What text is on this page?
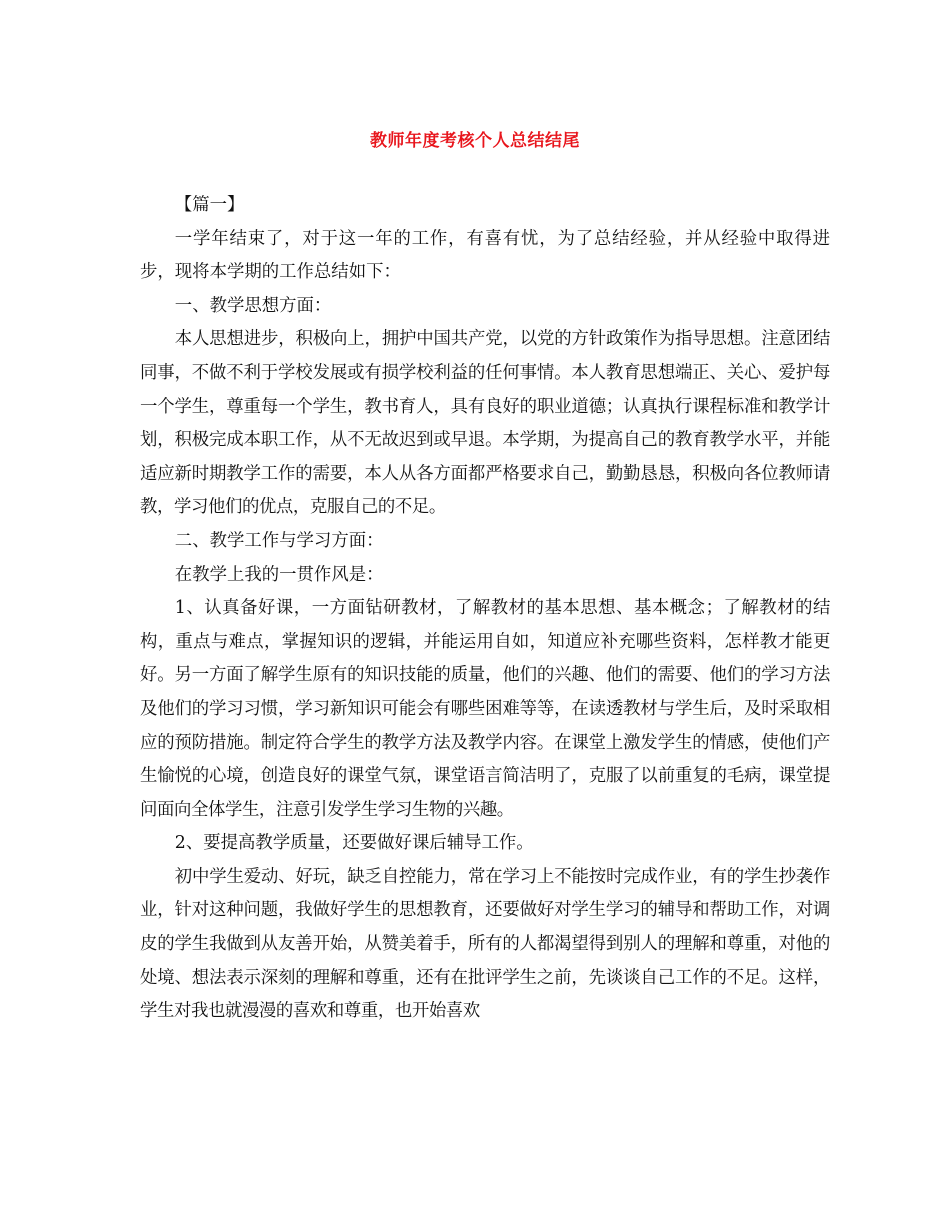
教师年度考核个人总结结尾

【篇一】

一学年结束了，对于这一年的工作，有喜有忧，为了总结经验，并从经验中取得进步，现将本学期的工作总结如下：

一、教学思想方面：

本人思想进步，积极向上，拥护中国共产党，以党的方针政策作为指导思想。注意团结同事，不做不利于学校发展或有损学校利益的任何事情。本人教育思想端正、关心、爱护每一个学生，尊重每一个学生，教书育人，具有良好的职业道德；认真执行课程标准和教学计划，积极完成本职工作，从不无故迟到或早退。本学期，为提高自己的教育教学水平，并能适应新时期教学工作的需要，本人从各方面都严格要求自己，勤勤恳恳，积极向各位教师请教，学习他们的优点，克服自己的不足。

二、教学工作与学习方面：

在教学上我的一贯作风是：

1、认真备好课，一方面钻研教材，了解教材的基本思想、基本概念；了解教材的结构，重点与难点，掌握知识的逻辑，并能运用自如，知道应补充哪些资料，怎样教才能更好。另一方面了解学生原有的知识技能的质量，他们的兴趣、他们的需要、他们的学习方法及他们的学习习惯，学习新知识可能会有哪些困难等等，在读透教材与学生后，及时采取相应的预防措施。制定符合学生的教学方法及教学内容。在课堂上激发学生的情感，使他们产生愉悦的心境，创造良好的课堂气氛，课堂语言简洁明了，克服了以前重复的毛病，课堂提问面向全体学生，注意引发学生学习生物的兴趣。

2、要提高教学质量，还要做好课后辅导工作。

初中学生爱动、好玩，缺乏自控能力，常在学习上不能按时完成作业，有的学生抄袭作业，针对这种问题，我做好学生的思想教育，还要做好对学生学习的辅导和帮助工作，对调皮的学生我做到从友善开始，从赞美着手，所有的人都渴望得到别人的理解和尊重，对他的处境、想法表示深刻的理解和尊重，还有在批评学生之前，先谈谈自己工作的不足。这样，学生对我也就漫漫的喜欢和尊重，也开始喜欢
